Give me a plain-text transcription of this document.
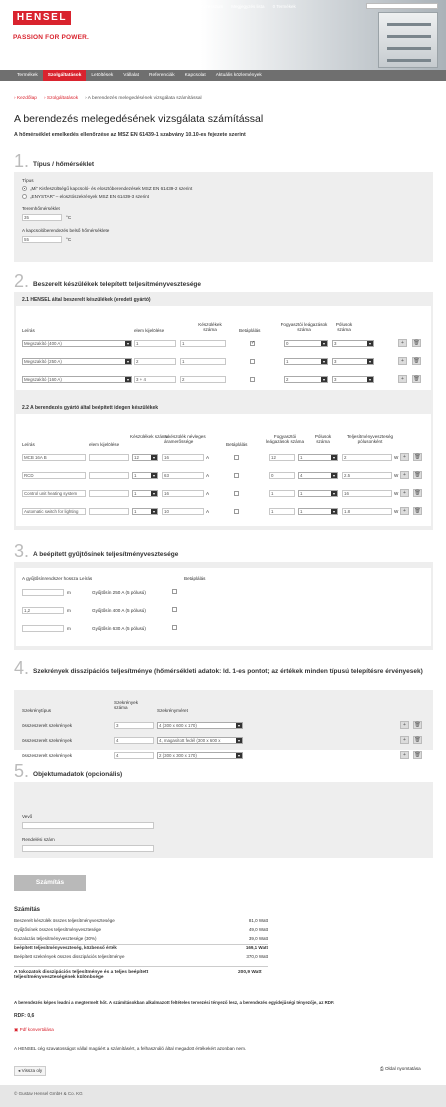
HENSEL
PASSION FOR POWER.
Kezdőlap Térkép Impresszum Megjegyzés lista 0 Termékek
Termékek	Szolgáltatások	Letöltések	Vállalat	Referenciák	Kapcsolat	Aktuális közlemények
› Kezdőlap › Szolgáltatások › A berendezés melegedésének vizsgálata számítással
A berendezés melegedésének vizsgálata számítással
A hőmérséklet emelkedés ellenőrzése az MSZ EN 61439-1 szabvány 10.10-es fejezete szerint
1. Típus / hőmérséklet
Típus
„Mi" Kisfeszültségű kapcsoló- és elosztóberendezések MSZ EN 61439-2 szerint
„ENYSTAR" – elosztószekrények MSZ EN 61439-3 szerint
Teremhőmérséklet
35	°C
A kapcsolóberendezés belső hőmérséklete
55	°C
2. Beszerelt készülékek telepített teljesítményvesztesége
2.1 HENSEL által beszerelt készülékek (eredeti gyártó)
Leírás	elem kijelölése
Készülékek száma	Betáplálás
Fogyasztói leágazások száma
Pólusok száma
Megszakító (400 A) ▾	1	1
✓	0 ▾	3 ▾	+	🗑
Megszakító (250 A) ▾	2	1	1 ▾	3 ▾	+	🗑
Megszakító (160 A) ▾	3 + 4	2	2 ▾	3 ▾	+	🗑
2.2 A berendezés gyártó által beépített idegen készülékek
Leírás	elem kijelölése
Készülékek száma
A készülék névleges áramerőssége
Betáplálás
Fogyasztói leágazások száma
Pólusok száma
Teljesítményveszteség pólusonként
MCB 16A B	12 ▾	16	A	12	1 ▾	2	W +	🗑
RCD	1 ▾	63	A	0	4 ▾	2.5	W +	🗑
Control unit heating system	1 ▾	16	A	1	1 ▾	16	W +	🗑
Automatic switch for lighting	1 ▾	10	A	1	1 ▾	1.8	W +	🗑
3. A beépített gyűjtősínek teljesítményvesztesége
A gyűjtősínrendszer hossza Leírás	Betáplálás
m	Gyűjtősín 250 A (5 pólusú)
1,2	m	Gyűjtősín 400 A (5 pólusú)
m	Gyűjtősín 630 A (5 pólusú)
4. Szekrények disszipációs teljesítménye (hőmérsékleti adatok: ld. 1-es pontot; az értékek minden típusú telepítésre érvényesek)
Szekrénytípus
Szekrények száma
Szekrényméret
összeszerelt szekrények	3	4 (300 x 600 x 170) ▾	+	🗑
összeszerelt szekrények	4	4, magasított fedél (300 x 600 x ▾	+	🗑
összeszerelt szekrények	4	2 (300 x 300 x 170) ▾	+	🗑
5. Objektumadatok (opcionális)
Vevő
Rendelési szám
Számítás
Számítás
Beszerelt készülék összes teljesítményvesztesége	81,0 Watt
Gyűjtősínek összes teljesítményvesztesége	49,0 Watt
Ikozalozás teljesítményvesztesége (30%)	39,0 Watt
beépített teljesítményveszteség, közbenső érték	169,1 Watt
Beépített szekrények összes disszipációs teljesítménye	370,0 Watt
A tokozatok disszipációs teljesítménye és a teljes beépített teljesítményveszteségének különbsége
200,9 Watt
A berendezés képes leadni a megtermelt hőt. A számításokban alkalmazott feltételes tervezési tényező lesz, a berendezés egyidejűségi tényezője, az RDF.
RDF: 0,6
▣ Pdf konvertálása
A HENSEL cég szavatosságot vállal magáért a számításért, a felhasználó által megadott értékekért azonban nem.
◂ Vissza oly	⎙ Oldal nyomtatása
© Gustav Hensel GmbH & Co. KG
